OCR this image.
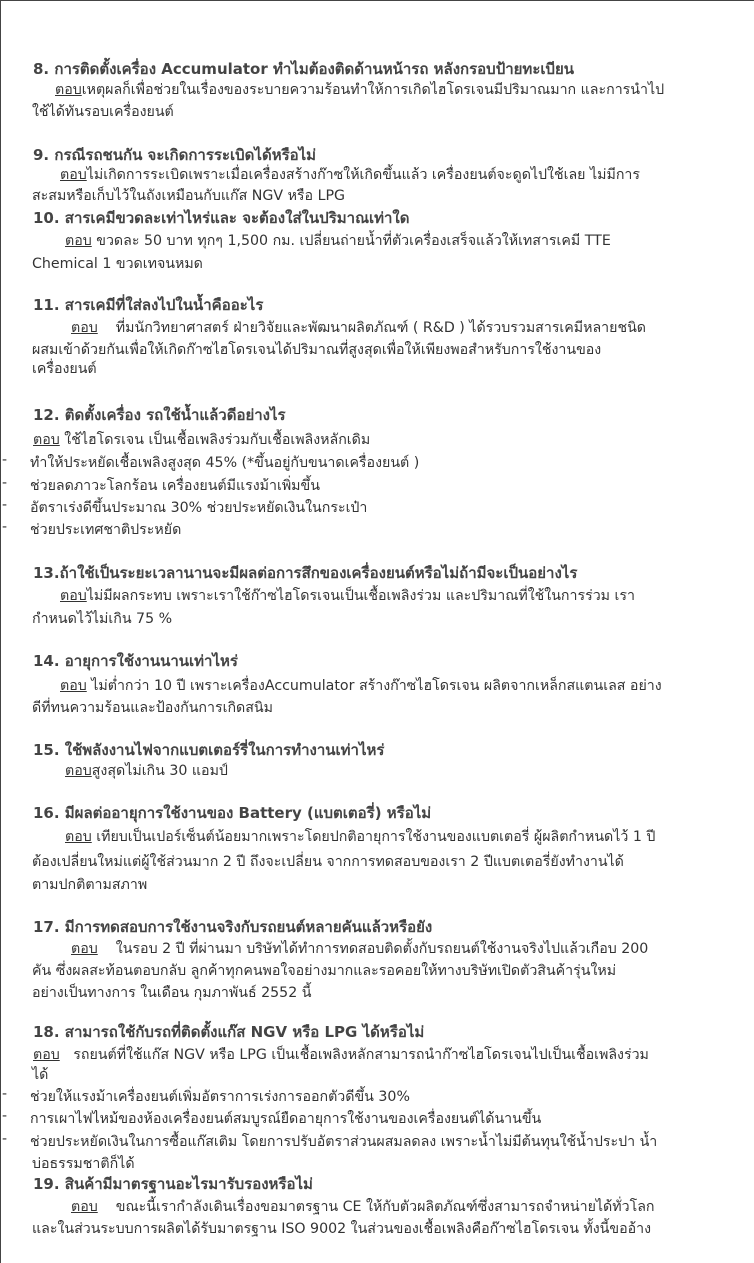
8. การติดตั้งเครื่อง Accumulator ทำไมต้องติดด้านหน้ารถ หลังกรอบป้ายทะเบียน
ตอบเหตุผลก็เพื่อช่วยในเรื่องของระบายความร้อนทำให้การเกิดไฮโดรเจนมีปริมาณมาก และการนำไป
ใช้ได้ทันรอบเครื่องยนต์
9. กรณีรถชนกัน จะเกิดการระเบิดได้หรือไม่
ตอบไม่เกิดการระเบิดเพราะเมื่อเครื่องสร้างก๊าซให้เกิดขึ้นแล้ว เครื่องยนต์จะดูดไปใช้เลย ไม่มีการ
สะสมหรือเก็บไว้ในถังเหมือนกับแก๊ส NGV หรือ LPG
10. สารเคมีขวดละเท่าไหร่และ จะต้องใส่ในปริมาณเท่าใด
ตอบ ขวดละ 50 บาท ทุกๆ 1,500 กม. เปลี่ยนถ่ายน้ำที่ตัวเครื่องเสร็จแล้วให้เทสารเคมี TTE
Chemical 1 ขวดเทจนหมด
11. สารเคมีที่ใส่ลงไปในน้ำคืออะไร
ตอบ ที่มนักวิทยาศาสตร์ ฝ่ายวิจัยและพัฒนาผลิตภัณฑ์ ( R&D ) ได้รวบรวมสารเคมีหลายชนิด
ผสมเข้าด้วยกันเพื่อให้เกิดก๊าซไฮโดรเจนได้ปริมาณที่สูงสุดเพื่อให้เพียงพอสำหรับการใช้งานของ
เครื่องยนต์
12. ติดตั้งเครื่อง รถใช้น้ำแล้วดีอย่างไร
ตอบ ใช้ไฮโดรเจน เป็นเชื้อเพลิงร่วมกับเชื้อเพลิงหลักเดิม
- ทำให้ประหยัดเชื้อเพลิงสูงสุด 45% (*ขึ้นอยู่กับขนาดเครื่องยนต์ )
- ช่วยลดภาวะโลกร้อน เครื่องยนต์มีแรงม้าเพิ่มขึ้น
- อัตราเร่งดีขึ้นประมาณ 30% ช่วยประหยัดเงินในกระเป๋า
- ช่วยประเทศชาติประหยัด
13.ถ้าใช้เป็นระยะเวลานานจะมีผลต่อการสึกของเครื่องยนต์หรือไม่ถ้ามีจะเป็นอย่างไร
ตอบไม่มีผลกระทบ เพราะเราใช้ก๊าซไฮโดรเจนเป็นเชื้อเพลิงร่วม และปริมาณที่ใช้ในการร่วม เรา
กำหนดไว้ไม่เกิน 75 %
14. อายุการใช้งานนานเท่าไหร่
ตอบ ไม่ต่ำกว่า 10 ปี เพราะเครื่องAccumulator สร้างก๊าซไฮโดรเจน ผลิตจากเหล็กสแตนเลส อย่าง
ดีที่ทนความร้อนและป้องกันการเกิดสนิม
15. ใช้พลังงานไฟจากแบตเตอร์รี่ในการทำงานเท่าไหร่
ตอบสูงสุดไม่เกิน 30 แอมป์
16. มีผลต่ออายุการใช้งานของ Battery (แบตเตอรี่) หรือไม่
ตอบ เทียบเป็นเปอร์เซ็นต์น้อยมากเพราะโดยปกติอายุการใช้งานของแบตเตอรี่ ผู้ผลิตกำหนดไว้ 1 ปี
ต้องเปลี่ยนใหม่แต่ผู้ใช้ส่วนมาก 2 ปี ถึงจะเปลี่ยน จากการทดสอบของเรา 2 ปีแบตเตอรี่ยังทำงานได้
ตามปกติตามสภาพ
17. มีการทดสอบการใช้งานจริงกับรถยนต์หลายคันแล้วหรือยัง
ตอบ ในรอบ 2 ปี ที่ผ่านมา บริษัทได้ทำการทดสอบติดตั้งกับรถยนต์ใช้งานจริงไปแล้วเกือบ 200
คัน ซึ่งผลสะท้อนตอบกลับ ลูกค้าทุกคนพอใจอย่างมากและรอคอยให้ทางบริษัทเปิดตัวสินค้ารุ่นใหม่
อย่างเป็นทางการ ในเดือน กุมภาพันธ์ 2552 นี้
18. สามารถใช้กับรถที่ติดตั้งแก๊ส NGV หรือ LPG ได้หรือไม่
ตอบ รถยนต์ที่ใช้แก๊ส NGV หรือ LPG เป็นเชื้อเพลิงหลักสามารถนำก๊าซไฮโดรเจนไปเป็นเชื้อเพลิงร่วม
ได้
- ช่วยให้แรงม้าเครื่องยนต์เพิ่มอัตราการเร่งการออกตัวดีขึ้น 30%
- การเผาไฟไหม้ของห้องเครื่องยนต์สมบูรณ์ยืดอายุการใช้งานของเครื่องยนต์ได้นานขึ้น
- ช่วยประหยัดเงินในการซื้อแก๊สเติม โดยการปรับอัตราส่วนผสมลดลง เพราะน้ำไม่มีต้นทุนใช้น้ำประปา น้ำ
บ่อธรรมชาติก็ได้
19. สินค้ามีมาตรฐานอะไรมารับรองหรือไม่
ตอบ ขณะนี้เรากำลังเดินเรื่องขอมาตรฐาน CE ให้กับตัวผลิตภัณฑ์ซึ่งสามารถจำหน่ายได้ทั่วโลก
และในส่วนระบบการผลิตได้รับมาตรฐาน ISO 9002 ในส่วนของเชื้อเพลิงคือก๊าซไฮโดรเจน ทั้งนี้ขออ้าง
